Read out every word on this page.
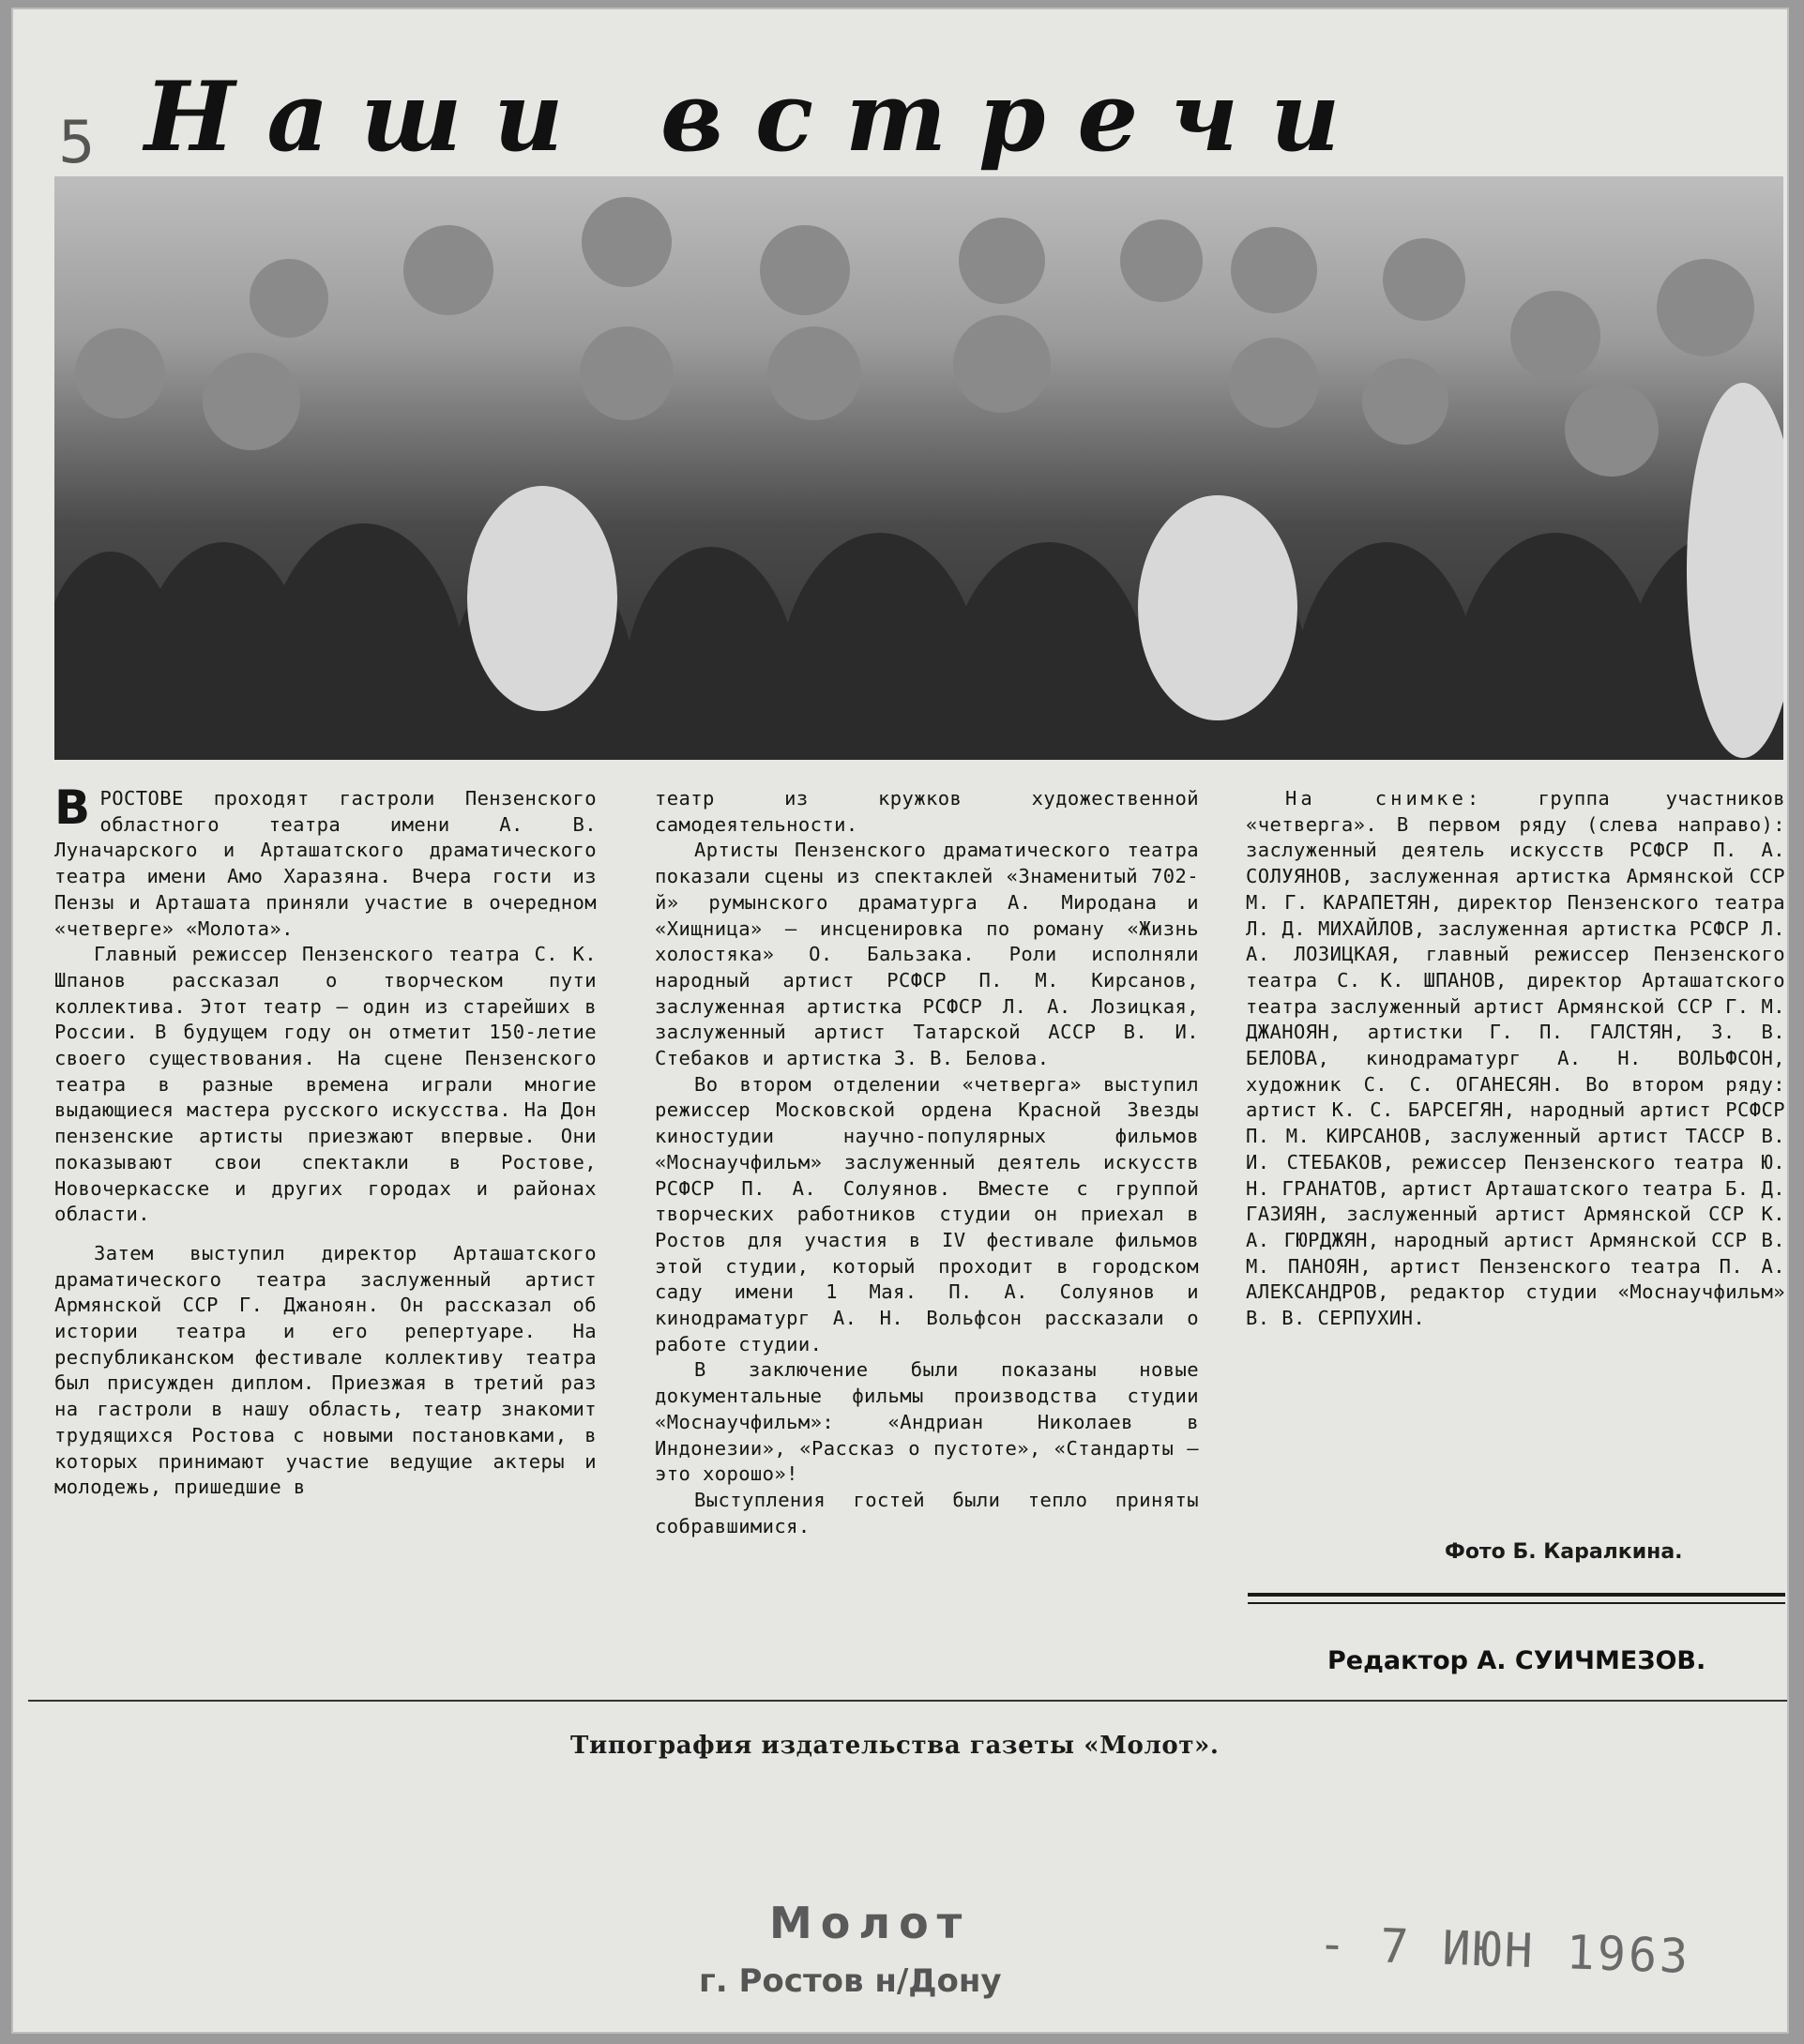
5 Наши встречи

ВРОСТОВЕ проходят гастроли Пензенского областного театра имени А. В. Луначарского и Арташатского драматического театра имени Амо Харазяна. Вчера гости из Пензы и Арташата приняли участие в очередном «четверге» «Молота».

Главный режиссер Пензенского театра С. К. Шпанов рассказал о творческом пути коллектива. Этот театр — один из старейших в России. В будущем году он отметит 150-летие своего существования. На сцене Пензенского театра в разные времена играли многие выдающиеся мастера русского искусства. На Дон пензенские артисты приезжают впервые. Они показывают свои спектакли в Ростове, Новочеркасске и других городах и районах области.

Затем выступил директор Арташатского драматического театра заслуженный артист Армянской ССР Г. Джаноян. Он рассказал об истории театра и его репертуаре. На республиканском фестивале коллективу театра был присужден диплом. Приезжая в третий раз на гастроли в нашу область, театр знакомит трудящихся Ростова с новыми постановками, в которых принимают участие ведущие актеры и молодежь, пришедшие в

театр из кружков художественной самодеятельности.

Артисты Пензенского драматического театра показали сцены из спектаклей «Знаменитый 702-й» румынского драматурга А. Миродана и «Хищница» — инсценировка по роману «Жизнь холостяка» О. Бальзака. Роли исполняли народный артист РСФСР П. М. Кирсанов, заслуженная артистка РСФСР Л. А. Лозицкая, заслуженный артист Татарской АССР В. И. Стебаков и артистка З. В. Белова.

Во втором отделении «четверга» выступил режиссер Московской ордена Красной Звезды киностудии научно-популярных фильмов «Моснаучфильм» заслуженный деятель искусств РСФСР П. А. Солуянов. Вместе с группой творческих работников студии он приехал в Ростов для участия в IV фестивале фильмов этой студии, который проходит в городском саду имени 1 Мая. П. А. Солуянов и кинодраматург А. Н. Вольфсон рассказали о работе студии.

В заключение были показаны новые документальные фильмы производства студии «Моснаучфильм»: «Андриан Николаев в Индонезии», «Рассказ о пустоте», «Стандарты — это хорошо»!

Выступления гостей были тепло приняты собравшимися.

На снимке:	группа участников «четверга». В первом ряду (слева направо): заслуженный деятель искусств РСФСР П. А. СОЛУЯНОВ, заслуженная артистка Армянской ССР М. Г. КАРАПЕТЯН, директор Пензенского театра Л. Д. МИХАЙЛОВ, заслуженная артистка РСФСР Л. А. ЛОЗИЦКАЯ, главный режиссер Пензенского театра С. К. ШПАНОВ, директор Арташатского театра заслуженный артист Армянской ССР Г. М. ДЖАНОЯН, артистки Г. П. ГАЛСТЯН, З. В. БЕЛОВА, кинодраматург А. Н. ВОЛЬФСОН, художник С. С. ОГАНЕСЯН. Во втором ряду: артист К. С. БАРСЕГЯН, народный артист РСФСР П. М. КИРСАНОВ, заслуженный артист ТАССР В. И. СТЕБАКОВ, режиссер Пензенского театра Ю. Н. ГРАНАТОВ, артист Арташатского театра Б. Д. ГАЗИЯН, заслуженный артист Армянской ССР К. А. ГЮРДЖЯН, народный артист Армянской ССР В. М. ПАНОЯН, артист Пензенского театра П. А. АЛЕКСАНДРОВ, редактор студии «Моснаучфильм» В. В. СЕРПУХИН.

Фото Б. Каралкина.
Редактор А. СУИЧМЕЗОВ.
Типография издательства газеты «Молот».
Молот
г. Ростов н/Дону	- 7 ИЮН 1963
